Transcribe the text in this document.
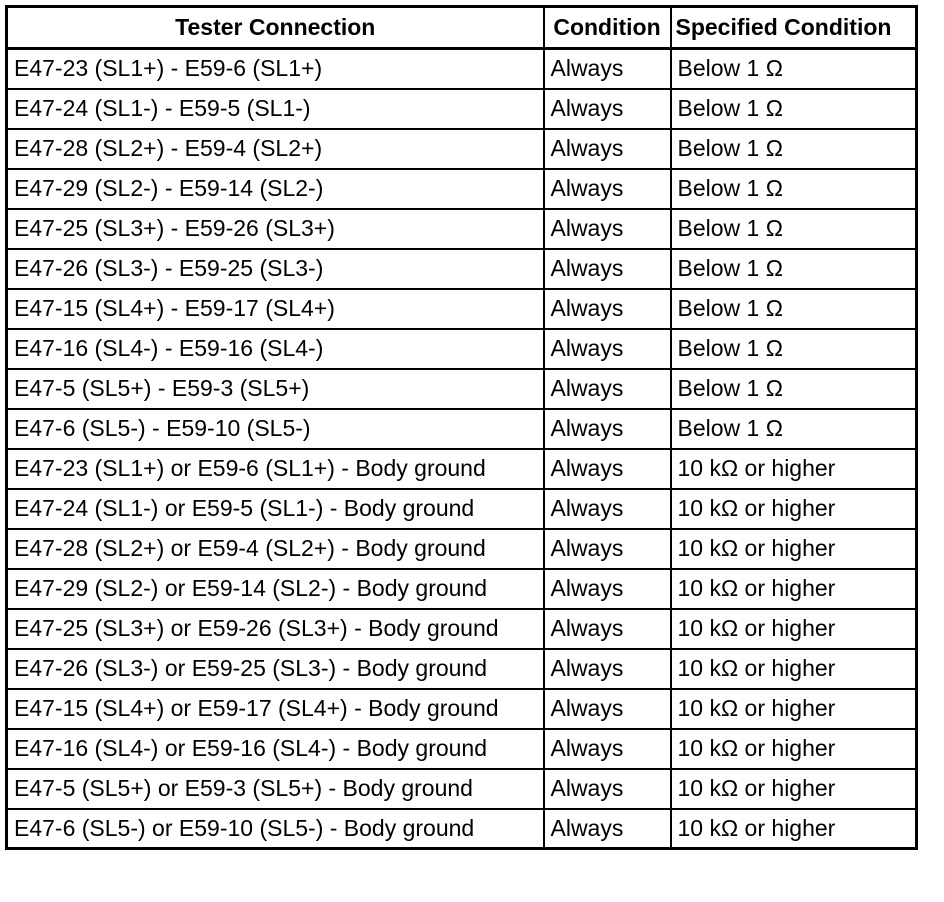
Tester Connection	Condition	Specified Condition
E47-23 (SL1+) - E59-6 (SL1+)	Always	Below 1 Ω
E47-24 (SL1-) - E59-5 (SL1-)	Always	Below 1 Ω
E47-28 (SL2+) - E59-4 (SL2+)	Always	Below 1 Ω
E47-29 (SL2-) - E59-14 (SL2-)	Always	Below 1 Ω
E47-25 (SL3+) - E59-26 (SL3+)	Always	Below 1 Ω
E47-26 (SL3-) - E59-25 (SL3-)	Always	Below 1 Ω
E47-15 (SL4+) - E59-17 (SL4+)	Always	Below 1 Ω
E47-16 (SL4-) - E59-16 (SL4-)	Always	Below 1 Ω
E47-5 (SL5+) - E59-3 (SL5+)	Always	Below 1 Ω
E47-6 (SL5-) - E59-10 (SL5-)	Always	Below 1 Ω
E47-23 (SL1+) or E59-6 (SL1+) - Body ground	Always	10 kΩ or higher
E47-24 (SL1-) or E59-5 (SL1-) - Body ground	Always	10 kΩ or higher
E47-28 (SL2+) or E59-4 (SL2+) - Body ground	Always	10 kΩ or higher
E47-29 (SL2-) or E59-14 (SL2-) - Body ground	Always	10 kΩ or higher
E47-25 (SL3+) or E59-26 (SL3+) - Body ground	Always	10 kΩ or higher
E47-26 (SL3-) or E59-25 (SL3-) - Body ground	Always	10 kΩ or higher
E47-15 (SL4+) or E59-17 (SL4+) - Body ground	Always	10 kΩ or higher
E47-16 (SL4-) or E59-16 (SL4-) - Body ground	Always	10 kΩ or higher
E47-5 (SL5+) or E59-3 (SL5+) - Body ground	Always	10 kΩ or higher
E47-6 (SL5-) or E59-10 (SL5-) - Body ground	Always	10 kΩ or higher
